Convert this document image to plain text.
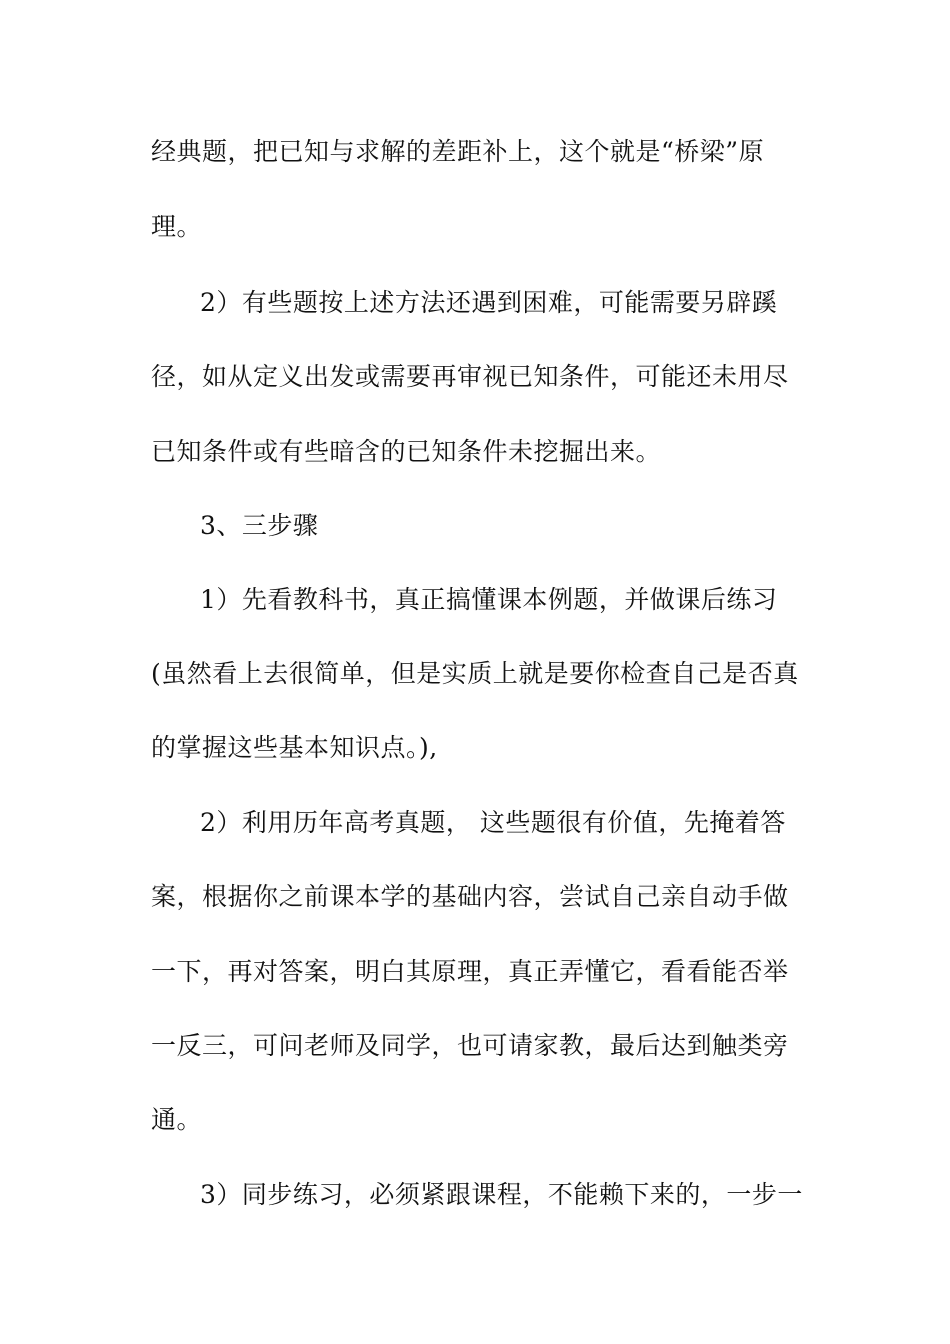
经典题，把已知与求解的差距补上，这个就是“桥梁”原
理。
2）有些题按上述方法还遇到困难，可能需要另辟蹊
径，如从定义出发或需要再审视已知条件，可能还未用尽
已知条件或有些暗含的已知条件未挖掘出来。
3、三步骤
1）先看教科书，真正搞懂课本例题，并做课后练习
(虽然看上去很简单，但是实质上就是要你检查自己是否真
的掌握这些基本知识点。),
2）利用历年高考真题， 这些题很有价值，先掩着答
案，根据你之前课本学的基础内容，尝试自己亲自动手做
一下，再对答案，明白其原理，真正弄懂它，看看能否举
一反三，可问老师及同学，也可请家教，最后达到触类旁
通。
3）同步练习，必须紧跟课程，不能赖下来的，一步一
